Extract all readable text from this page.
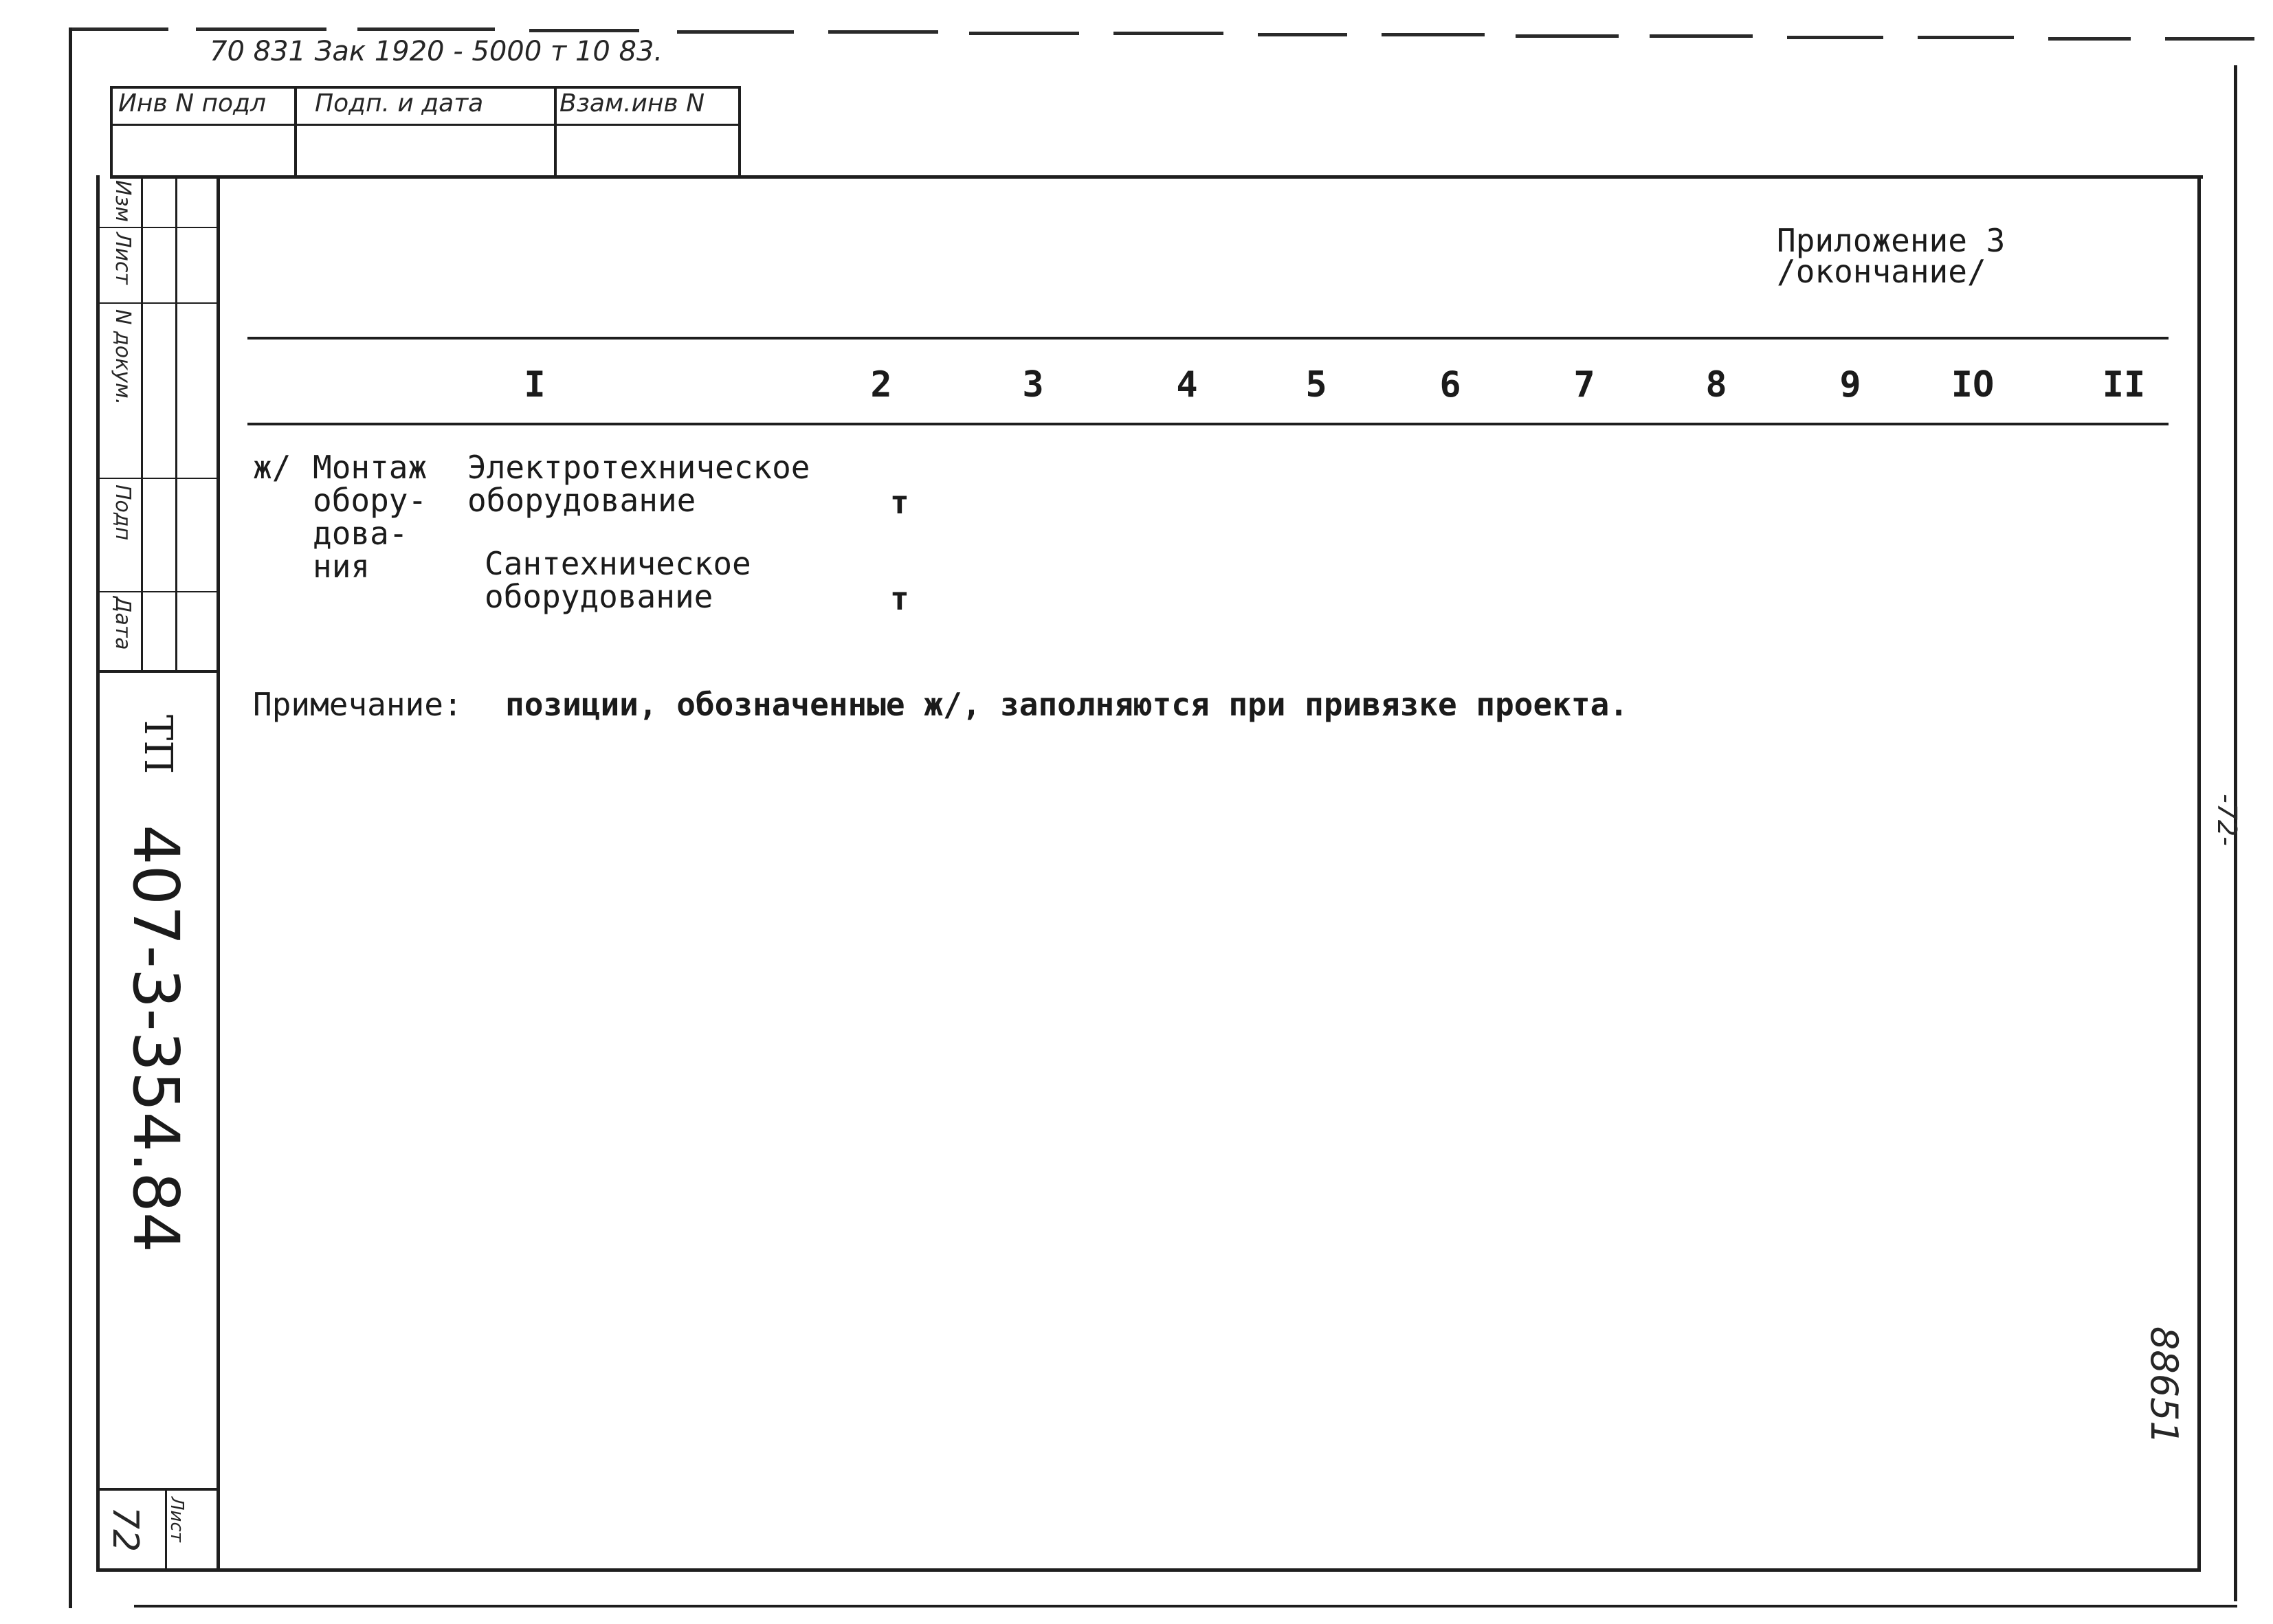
70 831 Зак 1920 - 5000 т 10 83.
Инв N подл Подп. и дата	Взам.инв N
Изм
Лист
N докум.
Подп
Дата
ТП
407-3-354.84
72 Лист
Приложение 3
/окончание/
I	2	3	4	5	6	7	8	9	IO	II
ж/ Монтаж
обору-
дова-
ния
Электротехническое
оборудование	т
Сантехническое
оборудование	т
Примечание: позиции, обозначенные ж/, заполняются при привязке проекта.
-72-
88651
